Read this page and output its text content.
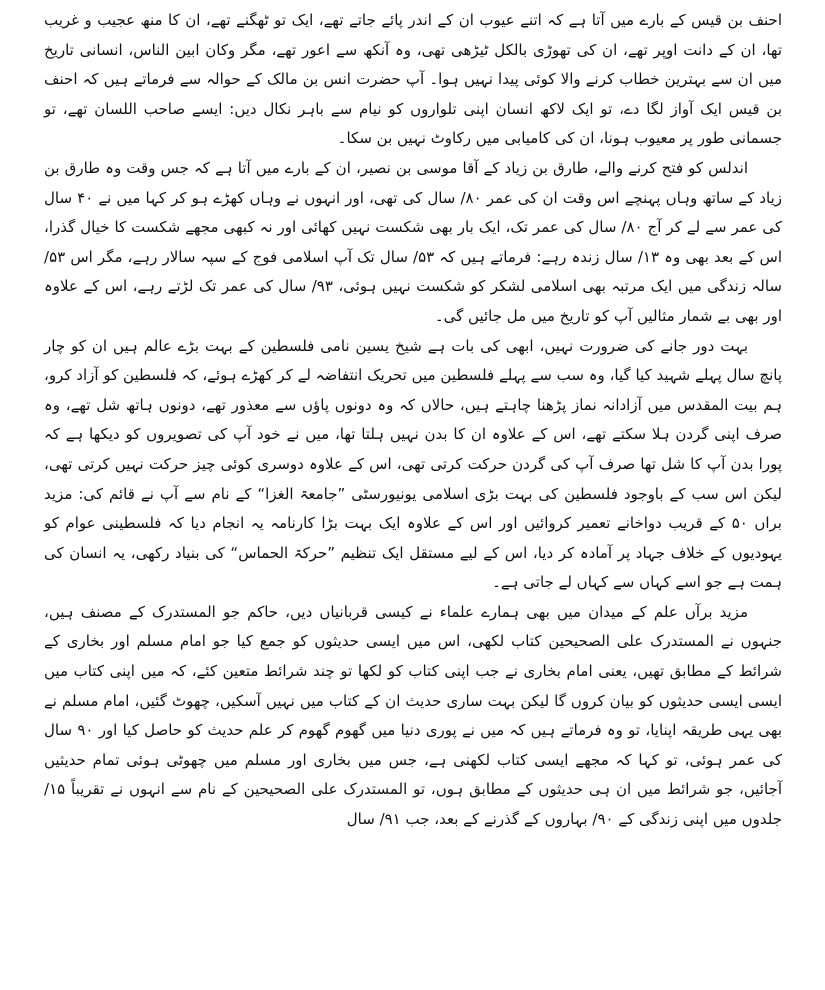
احنف بن قیس کے بارے میں آتا ہے کہ اتنے عیوب ان کے اندر پائے جاتے تھے، ایک تو ٹھگنے تھے، ان کا منھ عجیب و غریب تھا، ان کے دانت اوپر تھے، ان کی تھوڑی بالکل ٹیڑھی تھی، وہ آنکھ سے اعور تھے، مگر وکان ابین الناس، انسانی تاریخ میں ان سے بہترین خطاب کرنے والا کوئی پیدا نہیں ہوا۔ آپ حضرت انس بن مالک کے حوالہ سے فرماتے ہیں کہ احنف بن قیس ایک آواز لگا دے، تو ایک لاکھ انسان اپنی تلواروں کو نیام سے باہر نکال دیں: ایسے صاحب اللسان تھے، تو جسمانی طور پر معیوب ہونا، ان کی کامیابی میں رکاوٹ نہیں بن سکا۔

اندلس کو فتح کرنے والے، طارق بن زیاد کے آقا موسی بن نصیر، ان کے بارے میں آتا ہے کہ جس وقت وہ طارق بن زیاد کے ساتھ وہاں پہنچے اس وقت ان کی عمر ۸۰/ سال کی تھی، اور انہوں نے وہاں کھڑے ہو کر کہا میں نے ۴۰ سال کی عمر سے لے کر آج ۸۰/ سال کی عمر تک، ایک بار بھی شکست نہیں کھائی اور نہ کبھی مجھے شکست کا خیال گذرا، اس کے بعد بھی وہ ۱۳/ سال زندہ رہے: فرماتے ہیں کہ ۵۳/ سال تک آپ اسلامی فوج کے سپہ سالار رہے، مگر اس ۵۳/ سالہ زندگی میں ایک مرتبہ بھی اسلامی لشکر کو شکست نہیں ہوئی، ۹۳/ سال کی عمر تک لڑتے رہے، اس کے علاوہ اور بھی بے شمار مثالیں آپ کو تاریخ میں مل جائیں گی۔

بہت دور جانے کی ضرورت نہیں، ابھی کی بات ہے شیخ یسین نامی فلسطین کے بہت بڑے عالم ہیں ان کو چار پانچ سال پہلے شہید کیا گیا، وہ سب سے پہلے فلسطین میں تحریک انتفاضہ لے کر کھڑے ہوئے، کہ فلسطین کو آزاد کرو، ہم بیت المقدس میں آزادانہ نماز پڑھنا چاہتے ہیں، حالاں کہ وہ دونوں پاؤں سے معذور تھے، دونوں ہاتھ شل تھے، وہ صرف اپنی گردن ہلا سکتے تھے، اس کے علاوہ ان کا بدن نہیں ہلتا تھا، میں نے خود آپ کی تصویروں کو دیکھا ہے کہ پورا بدن آپ کا شل تھا صرف آپ کی گردن حرکت کرتی تھی، اس کے علاوہ دوسری کوئی چیز حرکت نہیں کرتی تھی، لیکن اس سب کے باوجود فلسطین کی بہت بڑی اسلامی یونیورسٹی ”جامعۃ الغزا“ کے نام سے آپ نے قائم کی: مزید براں ۵۰ کے قریب دواخانے تعمیر کروائیں اور اس کے علاوہ ایک بہت بڑا کارنامہ یہ انجام دیا کہ فلسطینی عوام کو یہودیوں کے خلاف جہاد پر آمادہ کر دیا، اس کے لیے مستقل ایک تنظیم ”حرکۃ الحماس“ کی بنیاد رکھی، یہ انسان کی ہمت ہے جو اسے کہاں سے کہاں لے جاتی ہے۔

مزید برآں علم کے میدان میں بھی ہمارے علماء نے کیسی قربانیاں دیں، حاکم جو المستدرک کے مصنف ہیں، جنہوں نے المستدرک علی الصحیحین کتاب لکھی، اس میں ایسی حدیثوں کو جمع کیا جو امام مسلم اور بخاری کے شرائط کے مطابق تھیں، یعنی امام بخاری نے جب اپنی کتاب کو لکھا تو چند شرائط متعین کئے، کہ میں اپنی کتاب میں ایسی ایسی حدیثوں کو بیان کروں گا لیکن بہت ساری حدیث ان کے کتاب میں نہیں آسکیں، چھوٹ گئیں، امام مسلم نے بھی یہی طریقہ اپنایا، تو وہ فرماتے ہیں کہ میں نے پوری دنیا میں گھوم گھوم کر علم حدیث کو حاصل کیا اور ۹۰ سال کی عمر ہوئی، تو کہا کہ مجھے ایسی کتاب لکھنی ہے، جس میں بخاری اور مسلم میں چھوٹی ہوئی تمام حدیثیں آجائیں، جو شرائط میں ان ہی حدیثوں کے مطابق ہوں، تو المستدرک علی الصحیحین کے نام سے انہوں نے تقریباً ۱۵/ جلدوں میں اپنی زندگی کے ۹۰/ بہاروں کے گذرنے کے بعد، جب ۹۱/ سال
